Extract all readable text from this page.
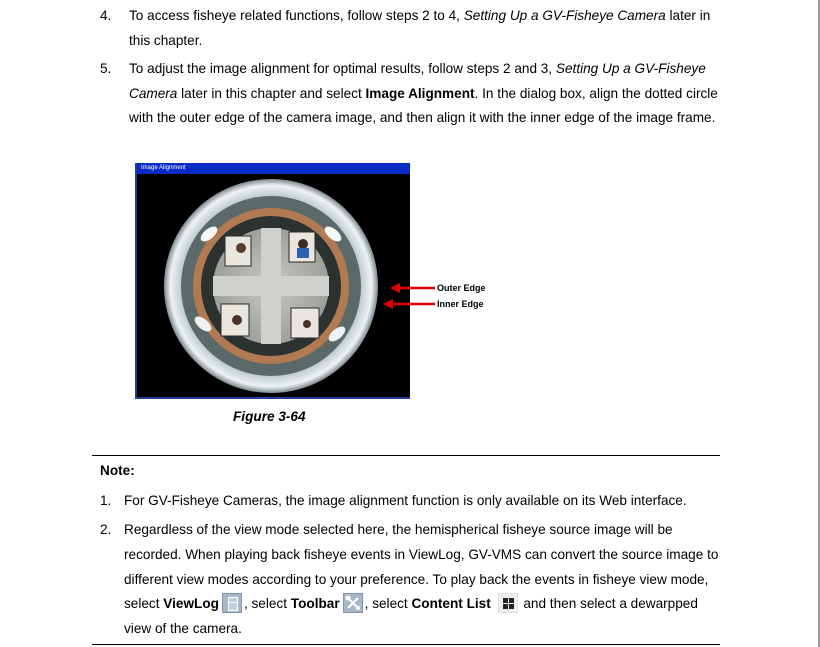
4.	To access fisheye related functions, follow steps 2 to 4, Setting Up a GV-Fisheye Camera later in this chapter.
5.	To adjust the image alignment for optimal results, follow steps 2 and 3, Setting Up a GV-Fisheye Camera later in this chapter and select Image Alignment. In the dialog box, align the dotted circle with the outer edge of the camera image, and then align it with the inner edge of the image frame.
Image Alignment
Outer Edge
Inner Edge
Figure 3-64
Note:
1. For GV-Fisheye Cameras, the image alignment function is only available on its Web interface.
2. Regardless of the view mode selected here, the hemispherical fisheye source image will be recorded. When playing back fisheye events in ViewLog, GV-VMS can convert the source image to different view modes according to your preference. To play back the events in fisheye view mode, select ViewLog , select Toolbar , select Content List
and then select a dewarpped view of the camera.
